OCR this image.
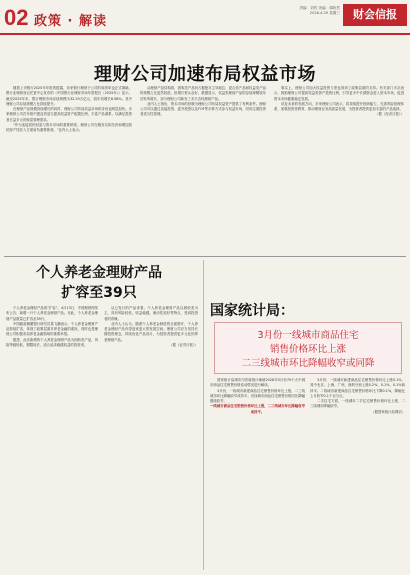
02 政策 · 解读
责编：刘哲 美编：谭欣然
2026.4.29 星期三	财会信报
理财公司加速布局权益市场

随着上市银行2025年年报的披露，各家银行理财子公司的成绩单也正式揭晓。银行业理财登记托管中心发布的《中国银行业理财市场年度报告（2025年）》显示，截至2025年末，银行理财市场存续规模为32.29万亿元，较年初增长8.98%。其中理财公司存续规模占比持续提升。

在理财产品规模持续增长的同时，理财公司布局权益市场的步伐也明显加快。多家理财公司在年报中提及将适当提高权益资产配置比例，丰富产品谱系，以满足投资者日益多元的财富管理需求。

“作为连接居民财富与资本市场的重要桥梁，理财公司在服务实体经济和增加居民财产性收入方面肩负重要使命。”业内人士表示。

从理财产品结构看，固收类产品仍占据绝对主导地位，混合类产品和权益类产品的规模占比虽然较低，但增长势头良好。数据显示，权益类理财产品的存续规模较年初有所增长，部分理财公司新发了多只含权理财产品。

业内人士指出，资本市场的回暖为理财公司布局权益资产提供了有利条件。理财公司可以通过直接投资、委外投资以及FOF等多种方式参与权益市场，同时注重投资者适当性管理。

事实上，理财公司加大权益投资力度也得到了政策层面的支持。有关部门多次表示，鼓励理财公司提高权益类资产投资比例，引导更多中长期资金进入资本市场，促进资本市场健康稳定发展。

谈及未来的发展方向，多家理财公司表示，将持续提升投研能力，完善风险管理体系，加强投资者教育，推动理财业务高质量发展，为投资者提供更加丰富的产品选择。

（据《经济日报》）

个人养老金理财产品
扩容至39只

个人养老金理财产品再“扩容”。4月13日，中国理财网发布公告，新增一只个人养老金理财产品。至此，个人养老金理财产品数量已扩容至39只。

中国邮政储蓄银行研究员娄飞鹏表示，个人养老金理财产品持续扩容，体现了政策层面对养老金融的重视，同时也是理财公司积极布局养老金融领域的重要举措。

据悉，此次新增的个人养老金理财产品为固收类产品，风险等级较低，期限较长，适合追求稳健收益的投资者。

从已发行的产品来看，个人养老金理财产品以固收类为主，具有风险较低、收益稳健、流动性较好等特点，受到投资者的青睐。

业内人士认为，随着个人养老金制度的全面推开，个人养老金理财产品有望迎来更大的发展空间。理财公司应当坚持长期投资理念，持续优化产品设计，为投资者提供更多元化的养老理财产品。

（据《证券日报》）

国家统计局：
3月份一线城市商品住宅
销售价格环比上涨
二三线城市环比降幅收窄或同降

国家统计局城市司首席统计师就2026年3月份70个大中城市商品住宅销售价格变动情况进行解读。

3月份，一线城市新建商品住宅销售价格环比上涨，二三线城市环比降幅收窄或持平。各线城市商品住宅销售价格同比降幅继续收窄。

一线城市商品住宅销售价格环比上涨，二三线城市环比降幅收窄或持平。

3月份，一线城市新建商品住宅销售价格环比上涨0.1%，其中北京、上海、广州、深圳分别上涨0.2%、0.1%、0.1%和持平。二线城市新建商品住宅销售价格环比下降0.1%，降幅比上月收窄0.1个百分点。

二手住宅方面，一线城市二手住宅销售价格环比上涨，二三线城市降幅收窄。

（据国家统计局网站）
